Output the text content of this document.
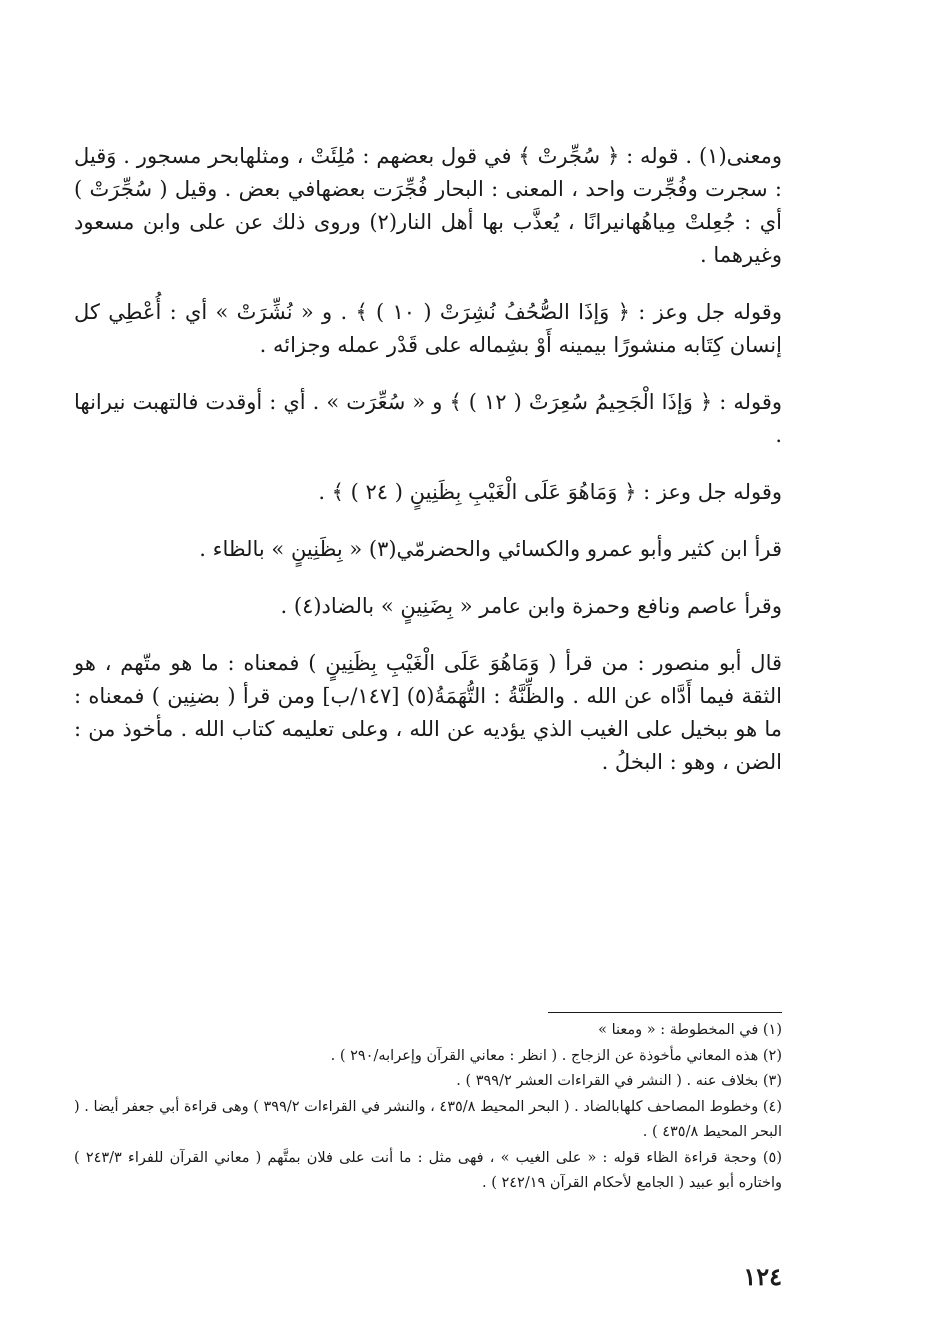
ومعنى(١) . قوله : ﴿ سُجِّرتْ ﴾ في قول بعضهم : مُلِئَتْ ، ومثلهابحر مسجور . وَقيل : سجرت وفُجِّرت واحد ، المعنى : البحار فُجِّرَت بعضهافي بعض . وقيل ( سُجِّرَتْ ) أي : جُعِلتْ مِياهُهانيرانًا ، يُعذَّب بها أهل النار(٢) وروى ذلك عن على وابن مسعود وغيرهما .

وقوله جل وعز : ﴿ وَإذَا الصُّحُفُ نُشِرَتْ ( ١٠ ) ﴾ . و « نُشِّرَتْ » أي : أُعْطِي كل إنسان كِتَابه منشورًا بيمينه أَوْ بشِماله على قَدْر عمله وجزائه .

وقوله : ﴿ وَإذَا الْجَحِيمُ سُعِرَتْ ( ١٢ ) ﴾ و « سُعِّرَت » . أي : أوقدت فالتهبت نيرانها .

وقوله جل وعز : ﴿ وَمَاهُوَ عَلَى الْغَيْبِ بِظَنِينٍ ( ٢٤ ) ﴾ .

قرأ ابن كثير وأبو عمرو والكسائي والحضرمّي(٣) « بِظَنِينٍ » بالظاء .

وقرأ عاصم ونافع وحمزة وابن عامر « بِضَنِينٍ » بالضاد(٤) .

قال أبو منصور : من قرأ ( وَمَاهُوَ عَلَى الْغَيْبِ بِظَنِينٍ ) فمعناه : ما هو متّهم ، هو الثقة فيما أَدَّاه عن الله . والظِّنَّةُ : التُّهَمَةُ(٥) [١٤٧/ب] ومن قرأ ( بضنِين ) فمعناه : ما هو ببخيل على الغيب الذي يؤديه عن الله ، وعلى تعليمه كتاب الله . مأخوذ من : الضن ، وهو : البخلُ .

(١) في المخطوطة : « ومعنا »

(٢) هذه المعاني مأخوذة عن الزجاج . ( انظر : معاني القرآن وإعرابه/٢٩٠ ) .

(٣) بخلاف عنه . ( النشر في القراءات العشر ٣٩٩/٢ ) .

(٤) وخطوط المصاحف كلهابالضاد . ( البحر المحيط ٤٣٥/٨ ، والنشر في القراءات ٣٩٩/٢ ) وهى قراءة أبي جعفر أيضا . ( البحر المحيط ٤٣٥/٨ ) .

(٥) وحجة قراءة الظاء قوله : « على الغيب » ، فهى مثل : ما أنت على فلان بمتَّهم ( معاني القرآن للفراء ٢٤٣/٣ ) واختاره أبو عبيد ( الجامع لأحكام القرآن ٢٤٢/١٩ ) .

١٢٤
